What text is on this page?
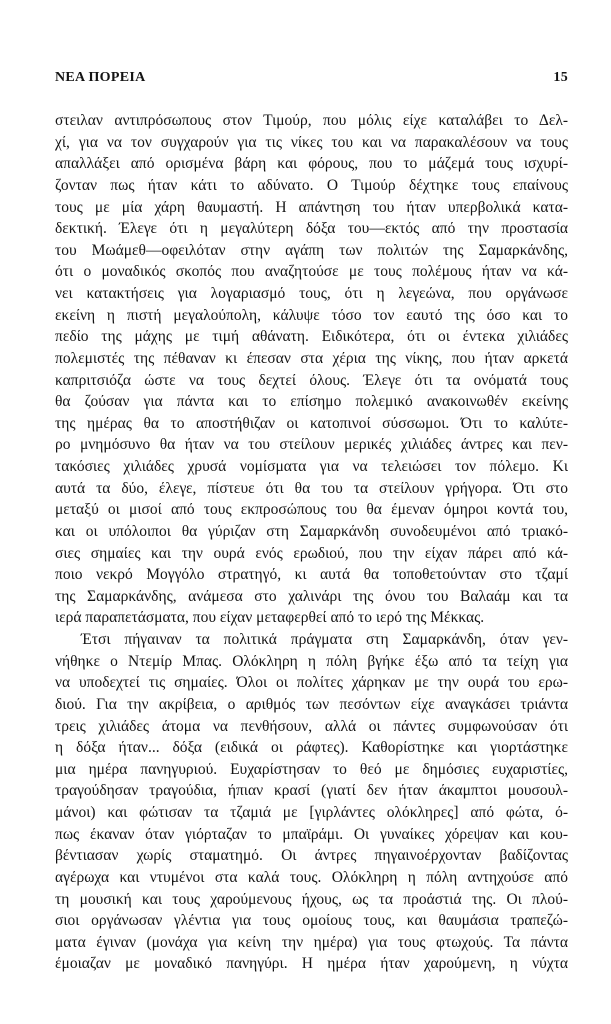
ΝΕΑ ΠΟΡΕΙΑ	15
στειλαν αντιπρόσωπους στον Τιμούρ, που μόλις είχε καταλάβει το Δελ-
χί, για να τον συγχαρούν για τις νίκες του και να παρακαλέσουν να τους
απαλλάξει από ορισμένα βάρη και φόρους, που το μάζεμά τους ισχυρί-
ζονταν πως ήταν κάτι το αδύνατο. Ο Τιμούρ δέχτηκε τους επαίνους
τους με μία χάρη θαυμαστή. Η απάντηση του ήταν υπερβολικά κατα-
δεκτική. Έλεγε ότι η μεγαλύτερη δόξα του—εκτός από την προστασία
του Μωάμεθ—οφειλόταν στην αγάπη των πολιτών της Σαμαρκάνδης,
ότι ο μοναδικός σκοπός που αναζητούσε με τους πολέμους ήταν να κά-
νει κατακτήσεις για λογαριασμό τους, ότι η λεγεώνα, που οργάνωσε
εκείνη η πιστή μεγαλούπολη, κάλυψε τόσο τον εαυτό της όσο και το
πεδίο της μάχης με τιμή αθάνατη. Ειδικότερα, ότι οι έντεκα χιλιάδες
πολεμιστές της πέθαναν κι έπεσαν στα χέρια της νίκης, που ήταν αρκετά
καπριτσιόζα ώστε να τους δεχτεί όλους. Έλεγε ότι τα ονόματά τους
θα ζούσαν για πάντα και το επίσημο πολεμικό ανακοινωθέν εκείνης
της ημέρας θα το αποστήθιζαν οι κατοπινοί σύσσωμοι. Ότι το καλύτε-
ρο μνημόσυνο θα ήταν να του στείλουν μερικές χιλιάδες άντρες και πεν-
τακόσιες χιλιάδες χρυσά νομίσματα για να τελειώσει τον πόλεμο. Κι
αυτά τα δύο, έλεγε, πίστευε ότι θα του τα στείλουν γρήγορα. Ότι στο
μεταξύ οι μισοί από τους εκπροσώπους του θα έμεναν όμηροι κοντά του,
και οι υπόλοιποι θα γύριζαν στη Σαμαρκάνδη συνοδευμένοι από τριακό-
σιες σημαίες και την ουρά ενός ερωδιού, που την είχαν πάρει από κά-
ποιο νεκρό Μογγόλο στρατηγό, κι αυτά θα τοποθετούνταν στο τζαμί
της Σαμαρκάνδης, ανάμεσα στο χαλινάρι της όνου του Βαλαάμ και τα
ιερά παραπετάσματα, που είχαν μεταφερθεί από το ιερό της Μέκκας.
Έτσι πήγαιναν τα πολιτικά πράγματα στη Σαμαρκάνδη, όταν γεν-
νήθηκε ο Ντεμίρ Μπας. Ολόκληρη η πόλη βγήκε έξω από τα τείχη για
να υποδεχτεί τις σημαίες. Όλοι οι πολίτες χάρηκαν με την ουρά του ερω-
διού. Για την ακρίβεια, ο αριθμός των πεσόντων είχε αναγκάσει τριάντα
τρεις χιλιάδες άτομα να πενθήσουν, αλλά οι πάντες συμφωνούσαν ότι
η δόξα ήταν... δόξα (ειδικά οι ράφτες). Καθορίστηκε και γιορτάστηκε
μια ημέρα πανηγυριού. Ευχαρίστησαν το θεό με δημόσιες ευχαριστίες,
τραγούδησαν τραγούδια, ήπιαν κρασί (γιατί δεν ήταν άκαμπτοι μουσουλ-
μάνοι) και φώτισαν τα τζαμιά με [γιρλάντες ολόκληρες] από φώτα, ό-
πως έκαναν όταν γιόρταζαν το μπαϊράμι. Οι γυναίκες χόρεψαν και κου-
βέντιασαν χωρίς σταματημό. Οι άντρες πηγαινοέρχονταν βαδίζοντας
αγέρωχα και ντυμένοι στα καλά τους. Ολόκληρη η πόλη αντηχούσε από
τη μουσική και τους χαρούμενους ήχους, ως τα προάστιά της. Οι πλού-
σιοι οργάνωσαν γλέντια για τους ομοίους τους, και θαυμάσια τραπεζώ-
ματα έγιναν (μονάχα για κείνη την ημέρα) για τους φτωχούς. Τα πάντα
έμοιαζαν με μοναδικό πανηγύρι. Η ημέρα ήταν χαρούμενη, η νύχτα
